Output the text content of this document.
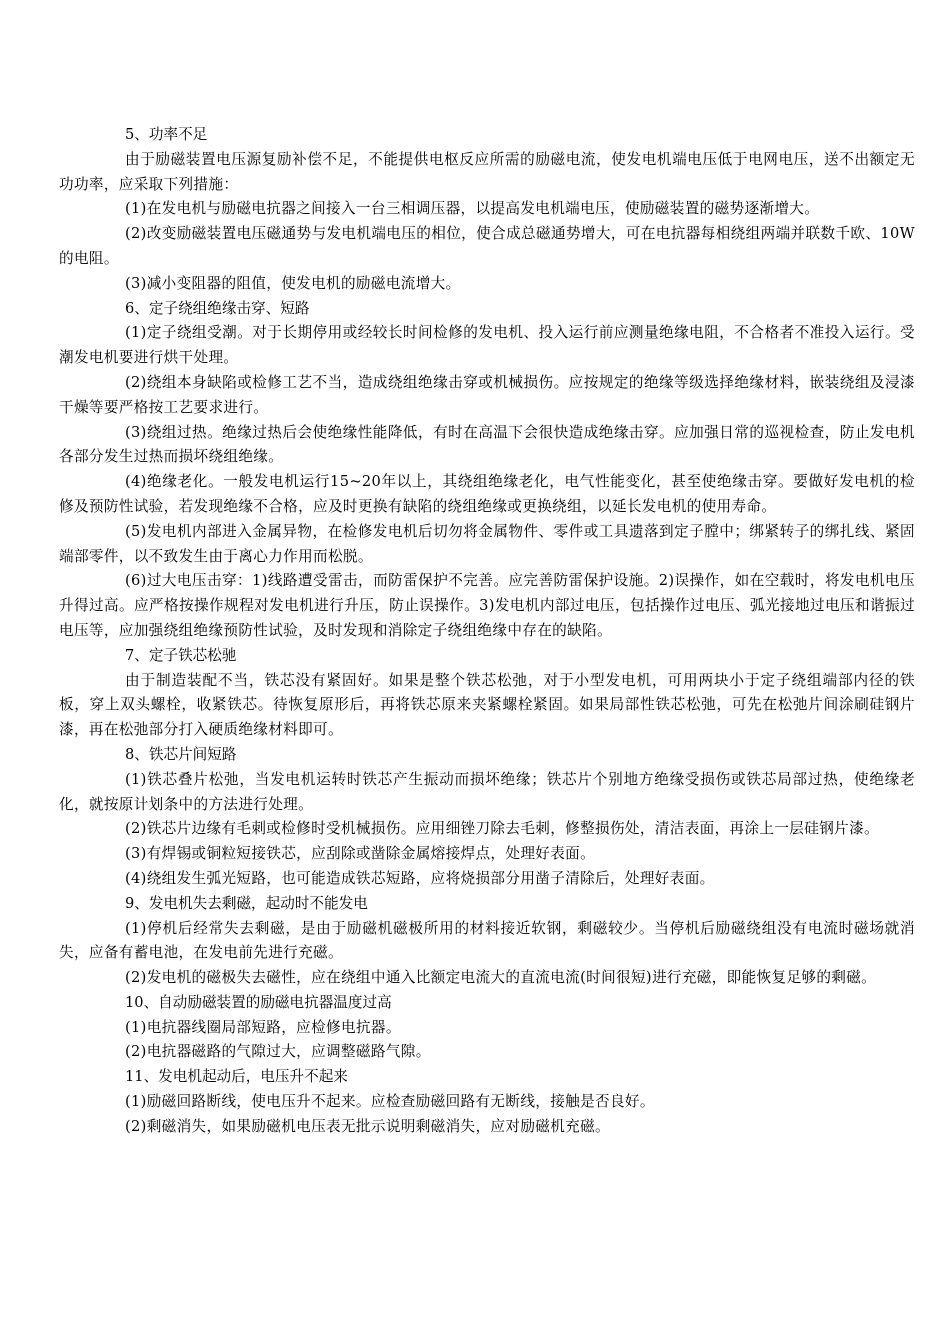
5、功率不足

由于励磁装置电压源复励补偿不足，不能提供电枢反应所需的励磁电流，使发电机端电压低于电网电压，送不出额定无功功率，应采取下列措施：

(1)在发电机与励磁电抗器之间接入一台三相调压器，以提高发电机端电压，使励磁装置的磁势逐渐增大。

(2)改变励磁装置电压磁通势与发电机端电压的相位，使合成总磁通势增大，可在电抗器每相绕组两端并联数千欧、10W的电阻。

(3)减小变阻器的阻值，使发电机的励磁电流增大。

6、定子绕组绝缘击穿、短路

(1)定子绕组受潮。对于长期停用或经较长时间检修的发电机、投入运行前应测量绝缘电阻，不合格者不准投入运行。受潮发电机要进行烘干处理。

(2)绕组本身缺陷或检修工艺不当，造成绕组绝缘击穿或机械损伤。应按规定的绝缘等级选择绝缘材料，嵌装绕组及浸漆干燥等要严格按工艺要求进行。

(3)绕组过热。绝缘过热后会使绝缘性能降低，有时在高温下会很快造成绝缘击穿。应加强日常的巡视检查，防止发电机各部分发生过热而损坏绕组绝缘。

(4)绝缘老化。一般发电机运行15~20年以上，其绕组绝缘老化，电气性能变化，甚至使绝缘击穿。要做好发电机的检修及预防性试验，若发现绝缘不合格，应及时更换有缺陷的绕组绝缘或更换绕组，以延长发电机的使用寿命。

(5)发电机内部进入金属异物，在检修发电机后切勿将金属物件、零件或工具遗落到定子膛中；绑紧转子的绑扎线、紧固端部零件，以不致发生由于离心力作用而松脱。

(6)过大电压击穿：1)线路遭受雷击，而防雷保护不完善。应完善防雷保护设施。2)误操作，如在空载时，将发电机电压升得过高。应严格按操作规程对发电机进行升压，防止误操作。3)发电机内部过电压，包括操作过电压、弧光接地过电压和谐振过电压等，应加强绕组绝缘预防性试验，及时发现和消除定子绕组绝缘中存在的缺陷。

7、定子铁芯松驰

由于制造装配不当，铁芯没有紧固好。如果是整个铁芯松弛，对于小型发电机，可用两块小于定子绕组端部内径的铁板，穿上双头螺栓，收紧铁芯。待恢复原形后，再将铁芯原来夹紧螺栓紧固。如果局部性铁芯松弛，可先在松弛片间涂刷硅钢片漆，再在松弛部分打入硬质绝缘材料即可。

8、铁芯片间短路

(1)铁芯叠片松弛，当发电机运转时铁芯产生振动而损坏绝缘；铁芯片个别地方绝缘受损伤或铁芯局部过热，使绝缘老化，就按原计划条中的方法进行处理。

(2)铁芯片边缘有毛刺或检修时受机械损伤。应用细锉刀除去毛刺，修整损伤处，清洁表面，再涂上一层硅钢片漆。

(3)有焊锡或铜粒短接铁芯，应刮除或凿除金属熔接焊点，处理好表面。

(4)绕组发生弧光短路，也可能造成铁芯短路，应将烧损部分用凿子清除后，处理好表面。

9、发电机失去剩磁，起动时不能发电

(1)停机后经常失去剩磁，是由于励磁机磁极所用的材料接近软钢，剩磁较少。当停机后励磁绕组没有电流时磁场就消失，应备有蓄电池，在发电前先进行充磁。

(2)发电机的磁极失去磁性，应在绕组中通入比额定电流大的直流电流(时间很短)进行充磁，即能恢复足够的剩磁。

10、自动励磁装置的励磁电抗器温度过高

(1)电抗器线圈局部短路，应检修电抗器。

(2)电抗器磁路的气隙过大，应调整磁路气隙。

11、发电机起动后，电压升不起来

(1)励磁回路断线，使电压升不起来。应检查励磁回路有无断线，接触是否良好。

(2)剩磁消失，如果励磁机电压表无批示说明剩磁消失，应对励磁机充磁。
